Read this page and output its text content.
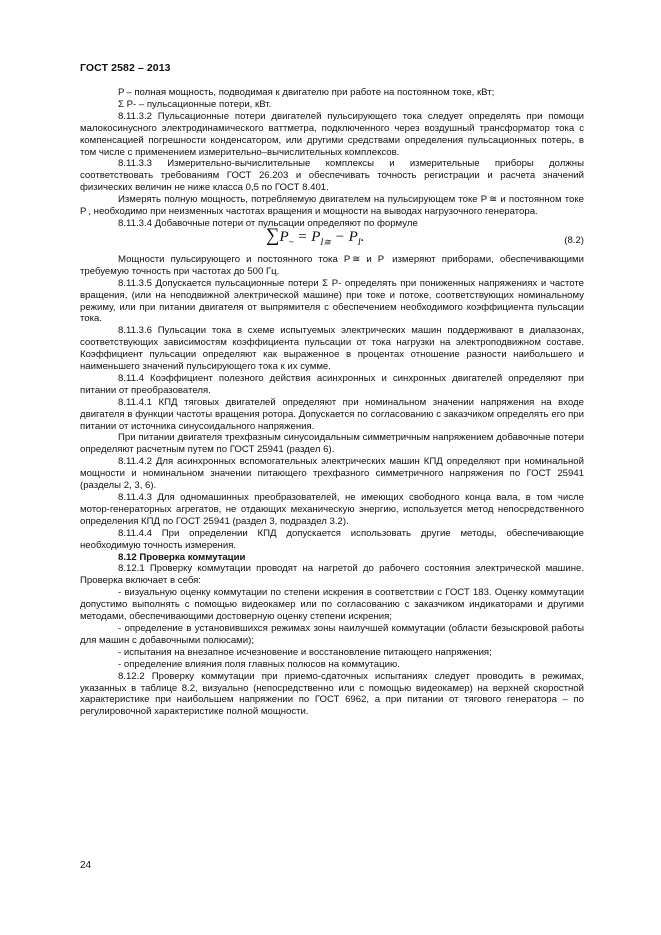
ГОСТ 2582 – 2013

P – полная мощность, подводимая к двигателю при работе на постоянном токе, кВт;

Σ P- – пульсационные потери, кВт.

8.11.3.2 Пульсационные потери двигателей пульсирующего тока следует определять при помощи малокосинусного электродинамического ваттметра, подключенного через воздушный трансформатор тока с компенсацией погрешности конденсатором, или другими средствами определения пульсационных потерь, в том числе с применением измерительно–вычислительных комплексов.

8.11.3.3 Измерительно-вычислительные комплексы и измерительные приборы должны соответствовать требованиям ГОСТ 26.203 и обеспечивать точность регистрации и расчета значений физических величин не ниже класса 0,5 по ГОСТ 8.401.

Измерять полную мощность, потребляемую двигателем на пульсирующем токе P ≅ и постоянном токе P , необходимо при неизменных частотах вращения и мощности на выводах нагрузочного генератора.

8.11.3.4 Добавочные потери от пульсации определяют по формуле

$\sum P_\sim = P_{I≅} - P_I$.	(8.2)

Мощности пульсирующего и постоянного тока P ≅ и P  измеряют приборами, обеспечивающими требуемую точность при частотах до 500 Гц.

8.11.3.5 Допускается пульсационные потери Σ P- определять при пониженных напряжениях и частоте вращения, (или на неподвижной электрической машине) при токе и потоке, соответствующих номинальному режиму, или при питании двигателя от выпрямителя с обеспечением необходимого коэффициента пульсации тока.

8.11.3.6 Пульсации тока в схеме испытуемых электрических машин поддерживают в диапазонах, соответствующих зависимостям коэффициента пульсации от тока нагрузки на электроподвижном составе. Коэффициент пульсации определяют как выраженное в процентах отношение разности наибольшего и наименьшего значений пульсирующего тока к их сумме.

8.11.4 Коэффициент полезного действия асинхронных и синхронных двигателей определяют при питании от преобразователя.

8.11.4.1 КПД тяговых двигателей определяют при номинальном значении напряжения на входе двигателя в функции частоты вращения ротора. Допускается по согласованию с заказчиком определять его при питании от источника синусоидального напряжения.

При питании двигателя трехфазным синусоидальным симметричным напряжением добавочные потери определяют расчетным путем по ГОСТ 25941 (раздел 6).

8.11.4.2 Для асинхронных вспомогательных электрических машин КПД определяют при номинальной мощности и номинальном значении питающего трехфазного симметричного напряжения по ГОСТ 25941 (разделы 2, 3, 6).

8.11.4.3 Для одномашинных преобразователей, не имеющих свободного конца вала, в том числе мотор-генераторных агрегатов, не отдающих механическую энергию, используется метод непосредственного определения КПД по ГОСТ 25941 (раздел 3, подраздел 3.2).

8.11.4.4 При определении КПД допускается использовать другие методы, обеспечивающие необходимую точность измерения.

8.12 Проверка коммутации

8.12.1 Проверку коммутации проводят на нагретой до рабочего состояния электрической машине. Проверка включает в себя:

- визуальную оценку коммутации по степени искрения в соответствии с ГОСТ 183. Оценку коммутации допустимо выполнять с помощью видеокамер или по согласованию с заказчиком индикаторами и другими методами, обеспечивающими достоверную оценку степени искрения;

- определение в установившихся режимах зоны наилучшей коммутации (области безыскровой работы для машин с добавочными полюсами);

- испытания на внезапное исчезновение и восстановление питающего напряжения;

- определение влияния поля главных полюсов на коммутацию.

8.12.2 Проверку коммутации при приемо-сдаточных испытаниях следует проводить в режимах, указанных в таблице 8.2, визуально (непосредственно или с помощью видеокамер) на верхней скоростной характеристике при наибольшем напряжении по ГОСТ 6962, а при питании от тягового генератора – по регулировочной характеристике полной мощности.

24
